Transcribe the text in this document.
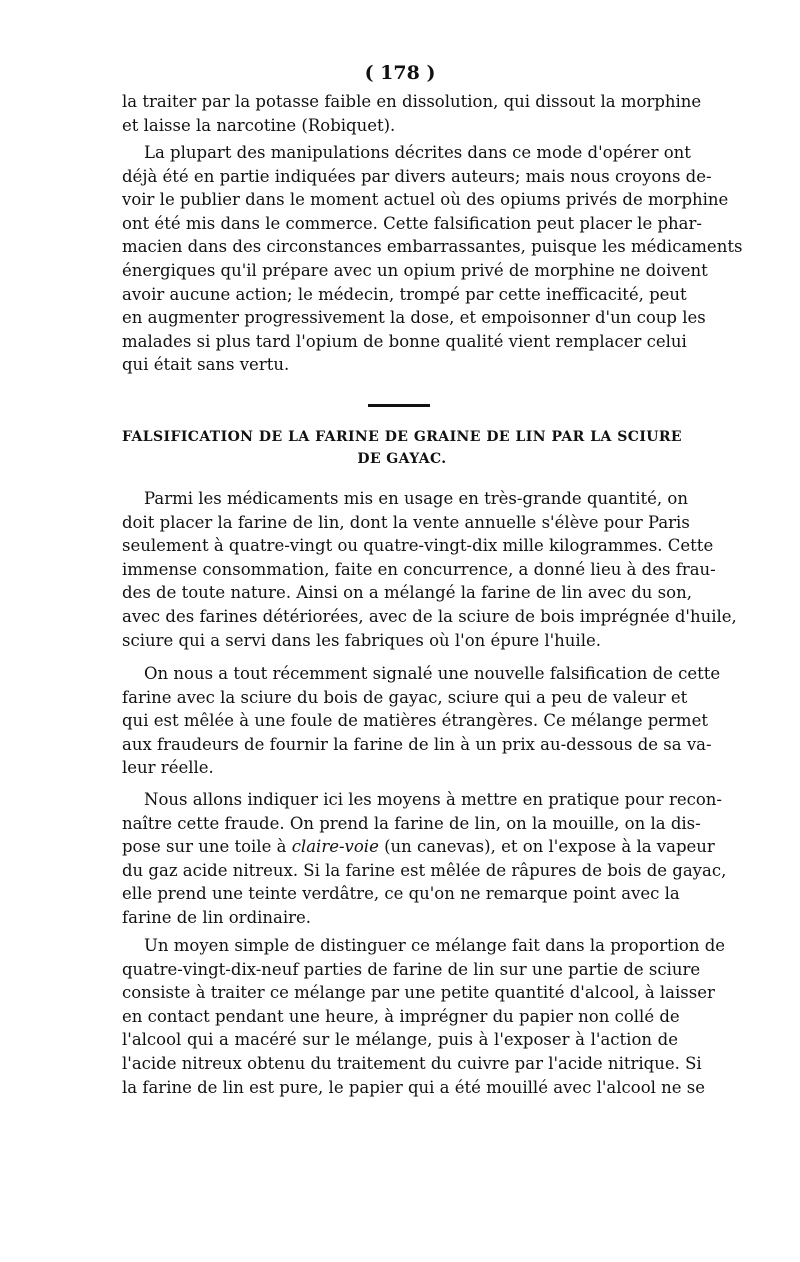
( 178 )
la traiter par la potasse faible en dissolution, qui dissout la morphine
et laisse la narcotine (Robiquet).
La plupart des manipulations décrites dans ce mode d'opérer ont
déjà été en partie indiquées par divers auteurs; mais nous croyons de-
voir le publier dans le moment actuel où des opiums privés de morphine
ont été mis dans le commerce. Cette falsification peut placer le phar-
macien dans des circonstances embarrassantes, puisque les médicaments
énergiques qu'il prépare avec un opium privé de morphine ne doivent
avoir aucune action; le médecin, trompé par cette inefficacité, peut
en augmenter progressivement la dose, et empoisonner d'un coup les
malades si plus tard l'opium de bonne qualité vient remplacer celui
qui était sans vertu.
FALSIFICATION DE LA FARINE DE GRAINE DE LIN PAR LA SCIURE
DE GAYAC.
Parmi les médicaments mis en usage en très-grande quantité, on
doit placer la farine de lin, dont la vente annuelle s'élève pour Paris
seulement à quatre-vingt ou quatre-vingt-dix mille kilogrammes. Cette
immense consommation, faite en concurrence, a donné lieu à des frau-
des de toute nature. Ainsi on a mélangé la farine de lin avec du son,
avec des farines détériorées, avec de la sciure de bois imprégnée d'huile,
sciure qui a servi dans les fabriques où l'on épure l'huile.
On nous a tout récemment signalé une nouvelle falsification de cette
farine avec la sciure du bois de gayac, sciure qui a peu de valeur et
qui est mêlée à une foule de matières étrangères. Ce mélange permet
aux fraudeurs de fournir la farine de lin à un prix au-dessous de sa va-
leur réelle.
Nous allons indiquer ici les moyens à mettre en pratique pour recon-
naître cette fraude. On prend la farine de lin, on la mouille, on la dis-
pose sur une toile à claire-voie (un canevas), et on l'expose à la vapeur
du gaz acide nitreux. Si la farine est mêlée de râpures de bois de gayac,
elle prend une teinte verdâtre, ce qu'on ne remarque point avec la
farine de lin ordinaire.
Un moyen simple de distinguer ce mélange fait dans la proportion de
quatre-vingt-dix-neuf parties de farine de lin sur une partie de sciure
consiste à traiter ce mélange par une petite quantité d'alcool, à laisser
en contact pendant une heure, à imprégner du papier non collé de
l'alcool qui a macéré sur le mélange, puis à l'exposer à l'action de
l'acide nitreux obtenu du traitement du cuivre par l'acide nitrique. Si
la farine de lin est pure, le papier qui a été mouillé avec l'alcool ne se
